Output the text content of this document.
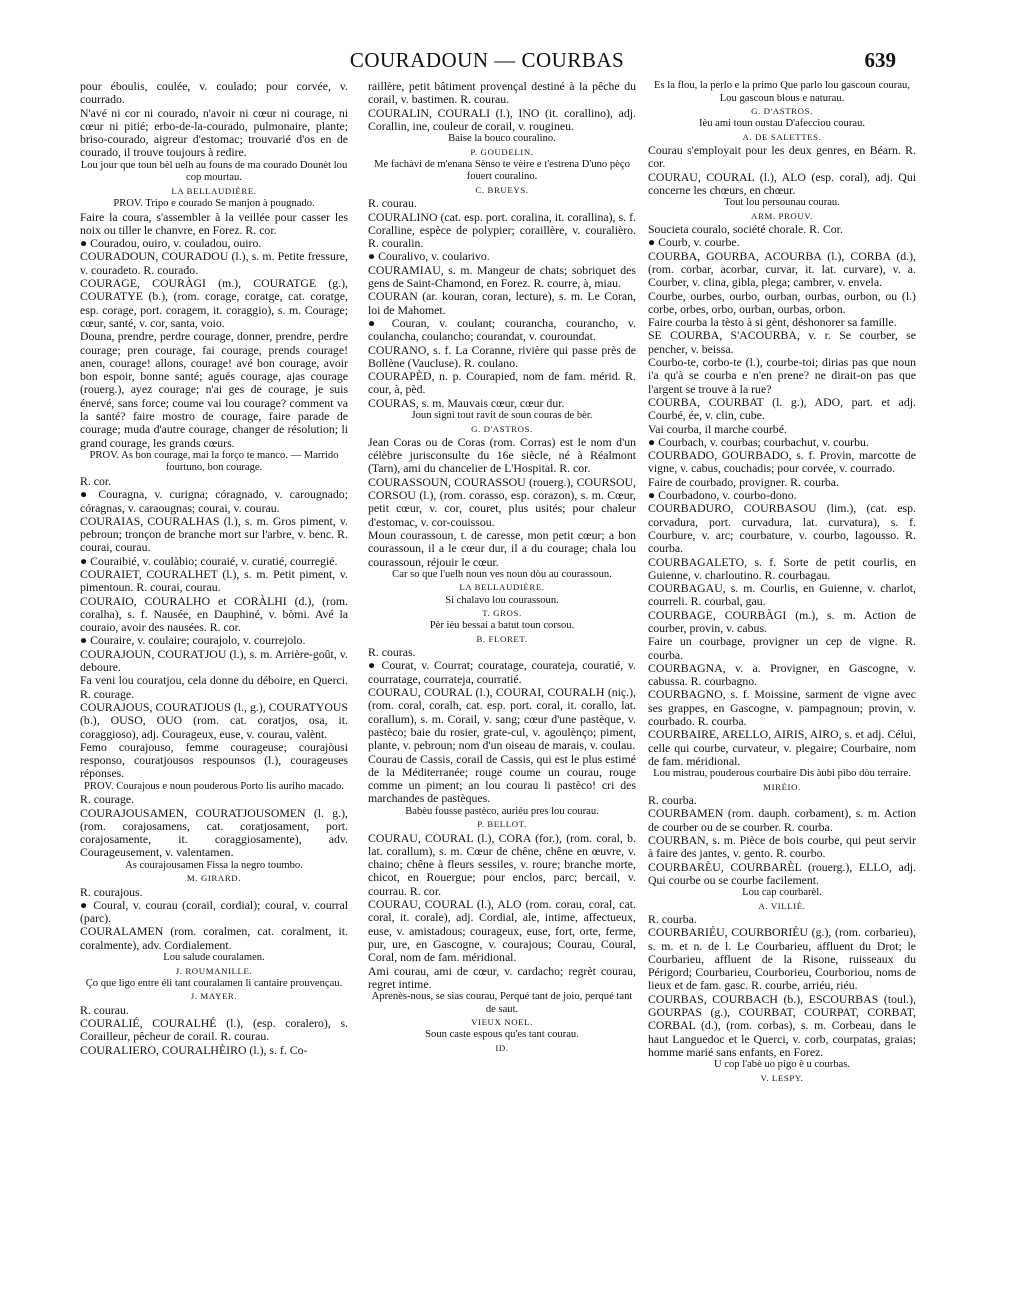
COURADOUN — COURBAS	639

pour éboulis, coulée, v. coulado; pour corvée, v. courrado.

N'avé ni cor ni courado, n'avoir ni cœur ni courage, ni cœur ni pitié; erbo-de-la-courado, pulmonaire, plante; briso-courado, aigreur d'estomac; trouvarié d'os en de courado, il trouve toujours à redire.

Lou jour que toun bèl uelh au founs de ma courado Dounèt lou cop mourtau.

LA BELLAUDIÈRE.

PROV. Tripo e courado Se manjon à pougnado.

Faire la coura, s'assembler à la veillée pour casser les noix ou tiller le chanvre, en Forez. R. cor.

● Couradou, ouiro, v. couladou, ouiro.

COURADOUN, COURADOU (l.), s. m. Petite fressure, v. couradeto. R. courado.

COURAGE, COURÀGI (m.), COURATGE (g.), COURATYE (b.), (rom. corage, coratge, cat. coratge, esp. corage, port. coragem, it. coraggio), s. m. Courage; cœur, santé, v. cor, santa, voio.

Douna, prendre, perdre courage, donner, prendre, perdre courage; pren courage, fai courage, prends courage! anen, courage! allons, courage! avé bon courage, avoir bon espoir, bonne santé; agués courage, ajas courage (rouerg.), ayez courage; n'ai ges de courage, je suis énervé, sans force; coume vai lou courage? comment va la santé? faire mostro de courage, faire parade de courage; muda d'autre courage, changer de résolution; li grand courage, les grands cœurs.

PROV. As bon courage, mai la forço te manco. — Marrido fourtuno, bon courage.

R. cor.

● Couragna, v. curigna; córagnado, v. carougnado; córagnas, v. caraougnas; courai, v. courau.

COURAIAS, COURALHAS (l.), s. m. Gros piment, v. pebroun; tronçon de branche mort sur l'arbre, v. benc. R. courai, courau.

● Couraibié, v. coulàbio; couraié, v. curatié, courregié.

COURAIET, COURALHET (l.), s. m. Petit piment, v. pimentoun. R. courai, courau.

COURAIO, COURALHO et CORÀLHI (d.), (rom. coralha), s. f. Nausée, en Dauphiné, v. bòmi. Avé la couraio, avoir des nausées. R. cor.

● Couraire, v. coulaire; courajolo, v. courrejolo.

COURAJOUN, COURATJOU (l.), s. m. Arrière-goût, v. deboure.

Fa veni lou couratjou, cela donne du déboire, en Querci. R. courage.

COURAJOUS, COURATJOUS (l., g.), COURATYOUS (b.), OUSO, OUO (rom. cat. coratjos, osa, it. coraggioso), adj. Courageux, euse, v. courau, valènt.

Femo courajouso, femme courageuse; courajòusi responso, couratjousos respounsos (l.), courageuses réponses.

PROV. Courajous e noun pouderous Porto lis auriho macado.

R. courage.

COURAJOUSAMEN, COURATJOUSOMEN (l. g.), (rom. corajosamens, cat. coratjosament, port. corajosamente, it. coraggiosamente), adv. Courageusement, v. valentamen.

As courajousamen Fissa la negro toumbo.

M. GIRARD.

R. courajous.

● Coural, v. courau (corail, cordial); coural, v. courral (parc).

COURALAMEN (rom. coralmen, cat. coralment, it. coralmente), adv. Cordialement.

Lou salude couralamen.

J. ROUMANILLE.

Ço que ligo entre éli tant couralamen li cantaire prouvençau.

J. MAYER.

R. courau.

COURALIÉ, COURALHÉ (l.), (esp. coralero), s. Corailleur, pêcheur de corail. R. courau.

COURALIERO, COURALHÈIRO (l.), s. f. Co-

raillère, petit bâtiment provençal destiné à la pêche du corail, v. bastimen. R. courau.

COURALIN, COURALI (l.), INO (it. corallino), adj. Corallin, ine, couleur de corail, v. rougineu.

Baise la bouco couralino.

P. GOUDELIN.

Me fachàvi de m'enana Sènso te vèire e t'estrena D'uno pèço fouert couralino.

C. BRUEYS.

R. courau.

COURALINO (cat. esp. port. coralina, it. corallina), s. f. Coralline, espèce de polypier; coraillère, v. couralièro. R. couralin.

● Couralivo, v. coularivo.

COURAMIAU, s. m. Mangeur de chats; sobriquet des gens de Saint-Chamond, en Forez. R. courre, à, miau.

COURAN (ar. kouran, coran, lecture), s. m. Le Coran, loi de Mahomet.

● Couran, v. coulant; courancha, couranchо, v. coulancha, coulancho; courandat, v. couroundat.

COURANO, s. f. La Coranne, rivière qui passe près de Bollène (Vaucluse). R. coulano.

COURAPÈD, n. p. Courapied, nom de fam. mérid. R. cour, à, pèd.

COURAS, s. m. Mauvais cœur, cœur dur.

Joun sìgni tout ravit de soun couras de bèr.

G. D'ASTROS.

Jean Coras ou de Coras (rom. Corras) est le nom d'un célèbre jurisconsulte du 16e siècle, né à Réalmont (Tarn), ami du chancelier de L'Hospital. R. cor.

COURASSOUN, COURASSOU (rouerg.), COURSOU, CORSOU (l.), (rom. corasso, esp. corazon), s. m. Cœur, petit cœur, v. cor, couret, plus usités; pour chaleur d'estomac, v. cor-couissou.

Moun courassoun, t. de caresse, mon petit cœur; a bon courassoun, il a le cœur dur, il a du courage; chala lou courassoun, réjouir le cœur.

Car so que l'uelh noun ves noun dòu au courassoun.

LA BELLAUDIÈRE.

Si chalavo lou courassoun.

T. GROS.

Pèr ièu bessai a batut toun corsou.

B. FLORET.

R. couras.

● Courat, v. Courrat; couratage, couratеja, couratié, v. courratagе, courrateja, courratié.

COURAU, COURAL (l.), COURAI, COURALH (niç.), (rom. coral, coralh, cat. esp. port. coral, it. corallo, lat. corallum), s. m. Corail, v. sang; cœur d'une pastèque, v. pastèco; baie du rosier, grate-cul, v. agoulènço; piment, plante, v. pebroun; nom d'un oiseau de marais, v. coulau.

Courau de Cassis, corail de Cassis, qui est le plus estimé de la Méditerranée; rouge coume un courau, rouge comme un piment; an lou courau li pastèco! cri des marchandes de pastèques.

Babèu fousse pastèco, auriéu pres lou courau.

P. BELLOT.

COURAU, COURAL (l.), CORA (for.), (rom. coral, b. lat. corallum), s. m. Cœur de chêne, chêne en œuvre, v. chaino; chêne à fleurs sessiles, v. roure; branche morte, chicot, en Rouergue; pour enclos, parc; bercail, v. courrau. R. cor.

COURAU, COURAL (l.), ALO (rom. corau, coral, cat. coral, it. corale), adj. Cordial, ale, intime, affectueux, euse, v. amistadous; courageux, euse, fort, orte, ferme, pur, ure, en Gascogne, v. courajous; Courau, Coural, Coral, nom de fam. méridional.

Ami courau, ami de cœur, v. cardacho; regrèt courau, regret intime.

Aprenès-nous, se sias courau, Perqué tant de joio, perqué tant de saut.

VIEUX NOEL.

Soun caste espous qu'es tant courau.

ID.

Es la flou, la perlo e la primo Que parlo lou gascoun courau, Lou gascoun blous e naturau.

G. D'ASTROS.

Ièu ami toun oustau D'afecciou courau.

A. DE SALETTES.

Courau s'employait pour les deux genres, en Béarn. R. cor.

COURAU, COURAL (l.), ALO (esp. coral), adj. Qui concerne les chœurs, en chœur.

Tout lou persounau courau.

ARM. PROUV.

Soucieta couralo, société chorale. R. Cor.

● Courb, v. courbe.

COURBA, GOURBA, ACOURBA (l.), CORBA (d.), (rom. corbar, acorbar, curvar, it. lat. curvare), v. a. Courber, v. clina, gibla, plega; cambrer, v. envela.

Courbe, ourbes, ourbo, ourban, ourbas, ourbon, ou (l.) corbe, orbes, orbo, ourban, ourbas, orbon.

Faire courba la tèsto à si gènt, déshonorer sa famille.

SE COURBA, S'ACOURBA, v. r. Se courber, se pencher, v. beissa.

Courbo-te, corbo-te (l.), courbe-toi; dirias pas que noun i'a qu'à se courba e n'en prene? ne dirait-on pas que l'argent se trouve à la rue?

COURBA, COURBAT (l. g.), ADO, part. et adj. Courbé, ée, v. clin, cube.

Vai courba, il marche courbé.

● Courbach, v. courbas; courbachut, v. courbu.

COURBADO, GOURBADO, s. f. Provin, marcotte de vigne, v. cabus, couchadis; pour corvée, v. courrado.

Faire de courbado, provigner. R. courba.

● Courbadono, v. courbo-dono.

COURBADURO, COURBASOU (lim.), (cat. esp. corvadura, port. curvadura, lat. curvatura), s. f. Courbure, v. arc; courbature, v. courbo, lagousso. R. courba.

COURBAGALETO, s. f. Sorte de petit courlis, en Guienne, v. charloutino. R. courbagau.

COURBAGAU, s. m. Courlis, en Guienne, v. charlot, courreli. R. courbal, gau.

COURBAGE, COURBÀGI (m.), s. m. Action de courber, provin, v. cabus.

Faire un courbage, provigner un cep de vigne. R. courba.

COURBAGNA, v. a. Provigner, en Gascogne, v. cabussa. R. courbagno.

COURBAGNO, s. f. Moissine, sarment de vigne avec ses grappes, en Gascogne, v. pampagnoun; provin, v. courbado. R. courba.

COURBAIRE, ARELLO, AIRIS, AIRO, s. et adj. Céluі, celle qui courbe, curvateur, v. plegaire; Courbaire, nom de fam. méridional.

Lou mistrau, pouderous courbaire Dis àubi pibo dòu terraire.

MIRÈIO.

R. courba.

COURBAMEN (rom. dauph. corbament), s. m. Action de courber ou de se courber. R. courba.

COURBAN, s. m. Pièce de bois courbe, qui peut servir à faire des jantes, v. gento. R. courbo.

COURBARÈU, COURBARÈL (rouerg.), ELLO, adj. Qui courbe ou se courbe facilement.

Lou cap courbarèl.

A. VILLIÉ.

R. courba.

COURBARIÉU, COURBORIÉU (g.), (rom. corbarieu), s. m. et n. de l. Le Courbarieu, affluent du Drot; le Courbarieu, affluent de la Risone, ruisseaux du Périgord; Courbarieu, Courborieu, Courboriou, noms de lieux et de fam. gasc. R. courbe, arriéu, riéu.

COURBAS, COURBACH (b.), ESCOURBAS (toul.), GOURPAS (g.), COURBAT, COURPAT, CORBAT, CORBAL (d.), (rom. corbas), s. m. Corbeau, dans le haut Languedoc et le Querci, v. corb, courpatas, graias; homme marié sans enfants, en Forez.

U cop l'abè uo pigo è u courbas.

V. LESPY.
